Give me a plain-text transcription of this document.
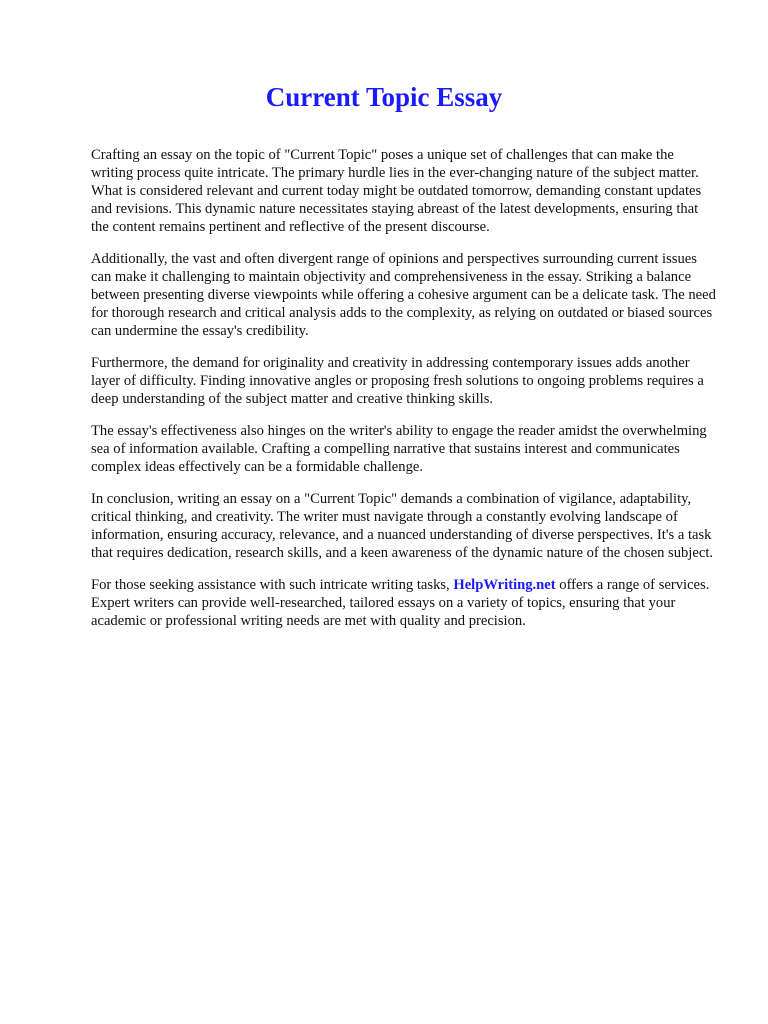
Current Topic Essay

Crafting an essay on the topic of "Current Topic" poses a unique set of challenges that can make the writing process quite intricate. The primary hurdle lies in the ever-changing nature of the subject matter. What is considered relevant and current today might be outdated tomorrow, demanding constant updates and revisions. This dynamic nature necessitates staying abreast of the latest developments, ensuring that the content remains pertinent and reflective of the present discourse.

Additionally, the vast and often divergent range of opinions and perspectives surrounding current issues can make it challenging to maintain objectivity and comprehensiveness in the essay. Striking a balance between presenting diverse viewpoints while offering a cohesive argument can be a delicate task. The need for thorough research and critical analysis adds to the complexity, as relying on outdated or biased sources can undermine the essay's credibility.

Furthermore, the demand for originality and creativity in addressing contemporary issues adds another layer of difficulty. Finding innovative angles or proposing fresh solutions to ongoing problems requires a deep understanding of the subject matter and creative thinking skills.

The essay's effectiveness also hinges on the writer's ability to engage the reader amidst the overwhelming sea of information available. Crafting a compelling narrative that sustains interest and communicates complex ideas effectively can be a formidable challenge.

In conclusion, writing an essay on a "Current Topic" demands a combination of vigilance, adaptability, critical thinking, and creativity. The writer must navigate through a constantly evolving landscape of information, ensuring accuracy, relevance, and a nuanced understanding of diverse perspectives. It's a task that requires dedication, research skills, and a keen awareness of the dynamic nature of the chosen subject.

For those seeking assistance with such intricate writing tasks, HelpWriting.net offers a range of services. Expert writers can provide well-researched, tailored essays on a variety of topics, ensuring that your academic or professional writing needs are met with quality and precision.
